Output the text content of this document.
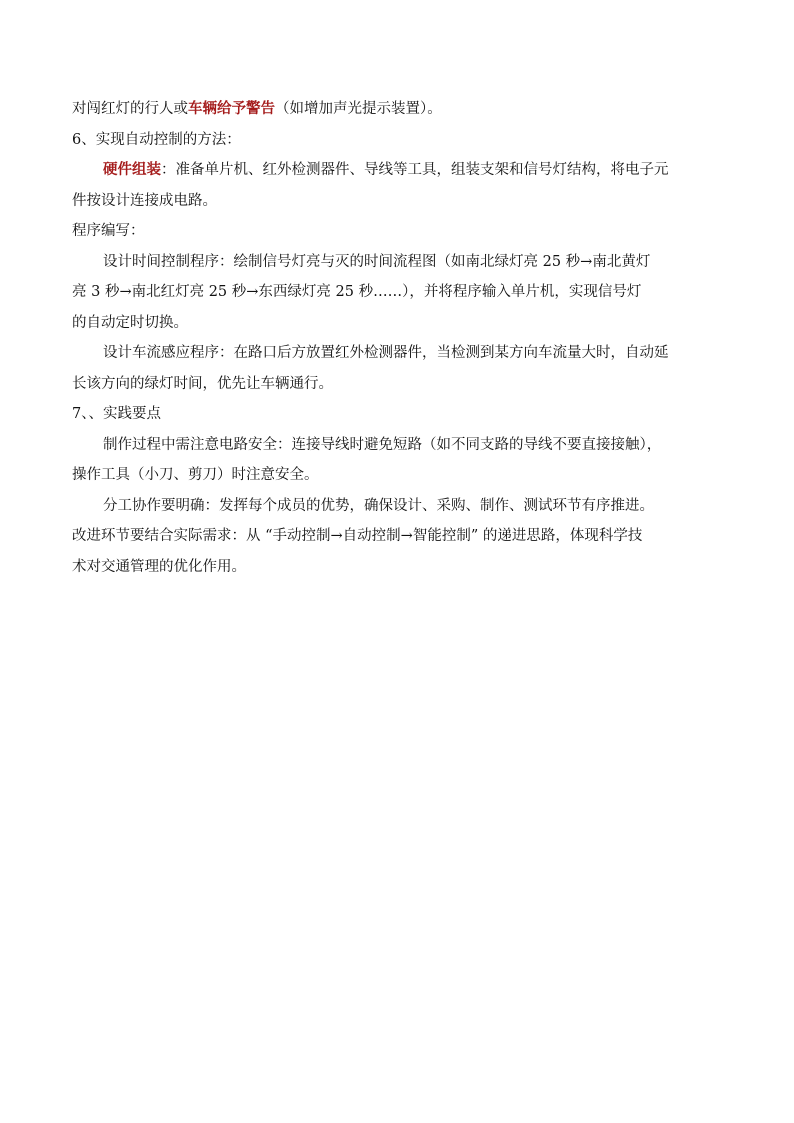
对闯红灯的行人或车辆给予警告（如增加声光提示装置）。
6、实现自动控制的方法：
硬件组装：准备单片机、红外检测器件、导线等工具，组装支架和信号灯结构，将电子元
件按设计连接成电路。
程序编写：
设计时间控制程序：绘制信号灯亮与灭的时间流程图（如南北绿灯亮 25 秒→南北黄灯
亮 3 秒→南北红灯亮 25 秒→东西绿灯亮 25 秒……），并将程序输入单片机，实现信号灯
的自动定时切换。
设计车流感应程序：在路口后方放置红外检测器件，当检测到某方向车流量大时，自动延
长该方向的绿灯时间，优先让车辆通行。
7、、实践要点
制作过程中需注意电路安全：连接导线时避免短路（如不同支路的导线不要直接接触），
操作工具（小刀、剪刀）时注意安全。
分工协作要明确：发挥每个成员的优势，确保设计、采购、制作、测试环节有序推进。
改进环节要结合实际需求：从 “手动控制→自动控制→智能控制” 的递进思路，体现科学技
术对交通管理的优化作用。
